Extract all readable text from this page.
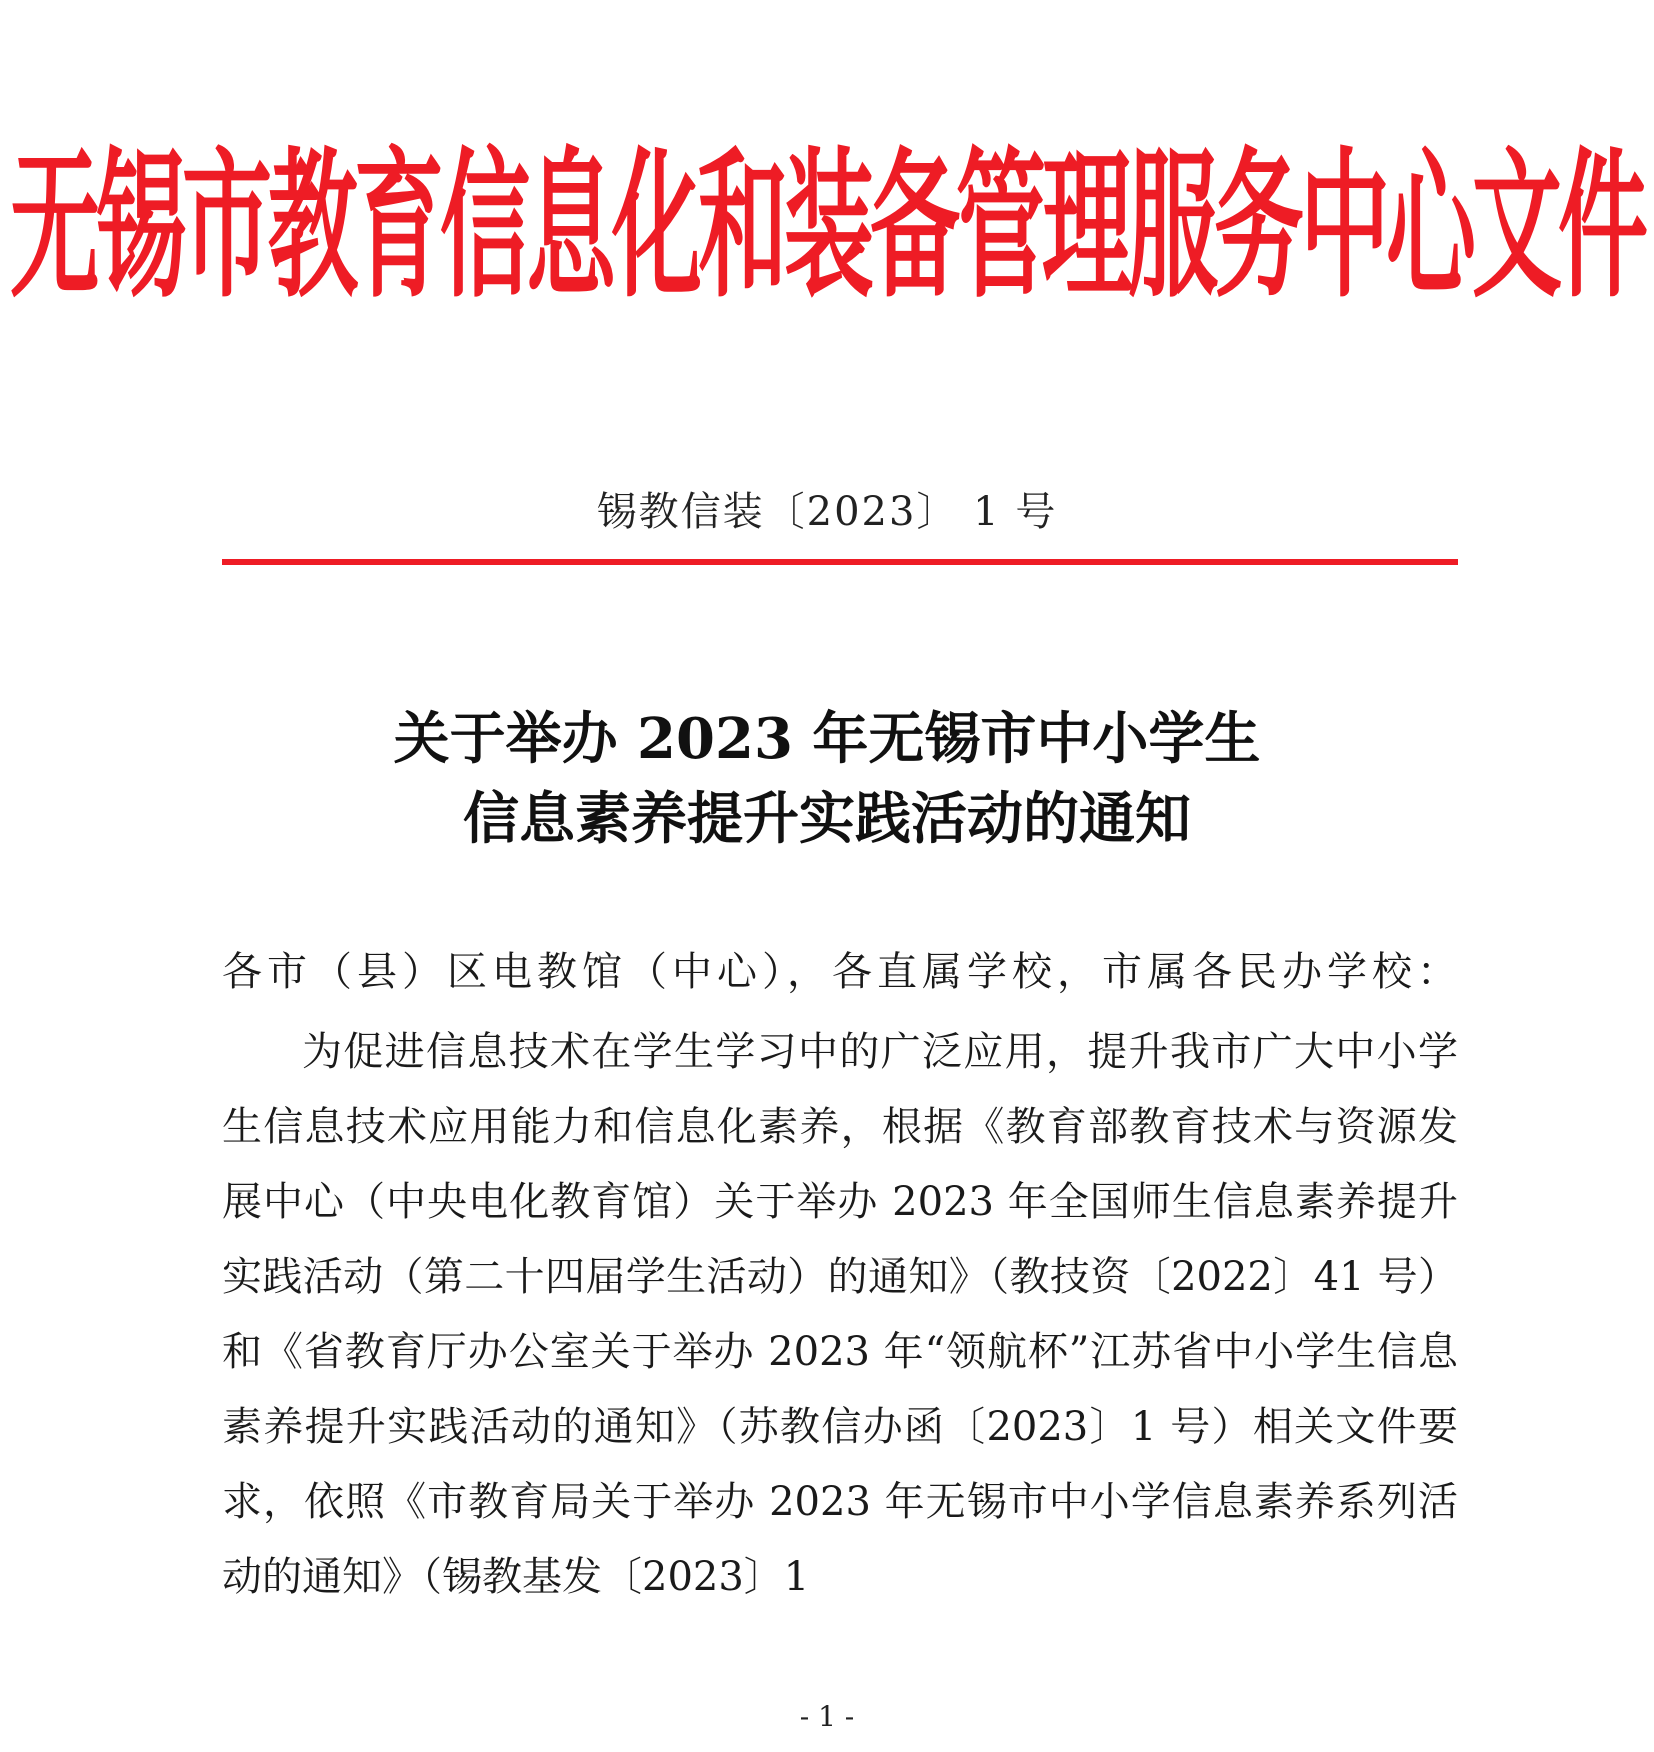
无锡市教育信息化和装备管理服务中心文件
锡教信装〔2023〕 1 号
关于举办 2023 年无锡市中小学生
信息素养提升实践活动的通知
各市（县）区电教馆（中心），各直属学校，市属各民办学校：
为促进信息技术在学生学习中的广泛应用，提升我市广大中小学生信息技术应用能力和信息化素养，根据《教育部教育技术与资源发展中心（中央电化教育馆）关于举办 2023 年全国师生信息素养提升实践活动（第二十四届学生活动）的通知》（教技资〔2022〕41 号）和《省教育厅办公室关于举办 2023 年“领航杯”江苏省中小学生信息素养提升实践活动的通知》（苏教信办函〔2023〕1 号）相关文件要求，依照《市教育局关于举办 2023 年无锡市中小学信息素养系列活动的通知》（锡教基发〔2023〕1
- 1 -
